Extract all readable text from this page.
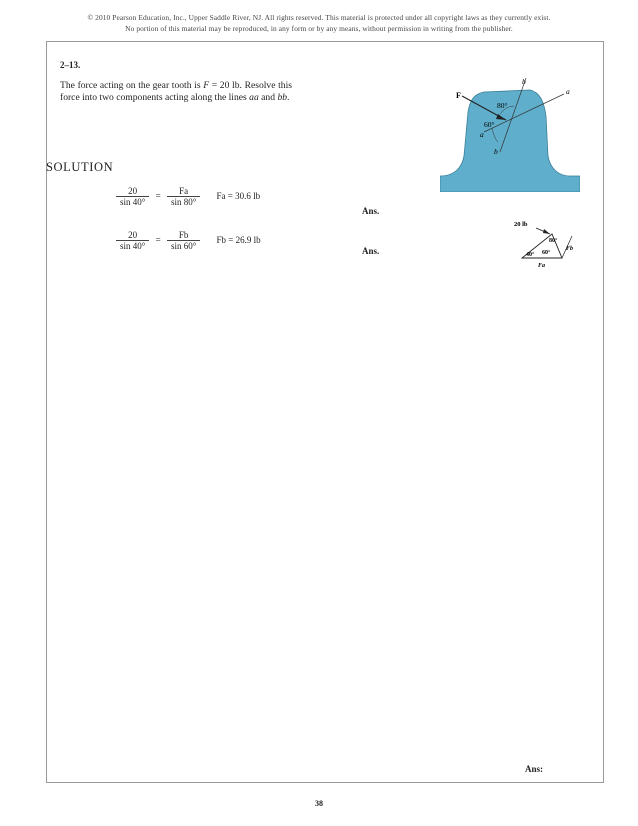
© 2010 Pearson Education, Inc., Upper Saddle River, NJ. All rights reserved. This material is protected under all copyright laws as they currently exist.
No portion of this material may be reproduced, in any form or by any means, without permission in writing from the publisher.
2–13.
The force acting on the gear tooth is F = 20 lb. Resolve this force into two components acting along the lines aa and bb.	F
b
a
80°
60°
a
b
SOLUTION
$\frac{20}{\sin 40^\circ} = \frac{Fa}{\sin 80^\circ}$ Fa = 30.6 lb
Ans.
$\frac{20}{\sin 40^\circ} = \frac{Fb}{\sin 60^\circ}$ Fb = 26.9 lb
Ans.
20 lb
80°
40° 60°
Fb
Fa
Ans:
38
